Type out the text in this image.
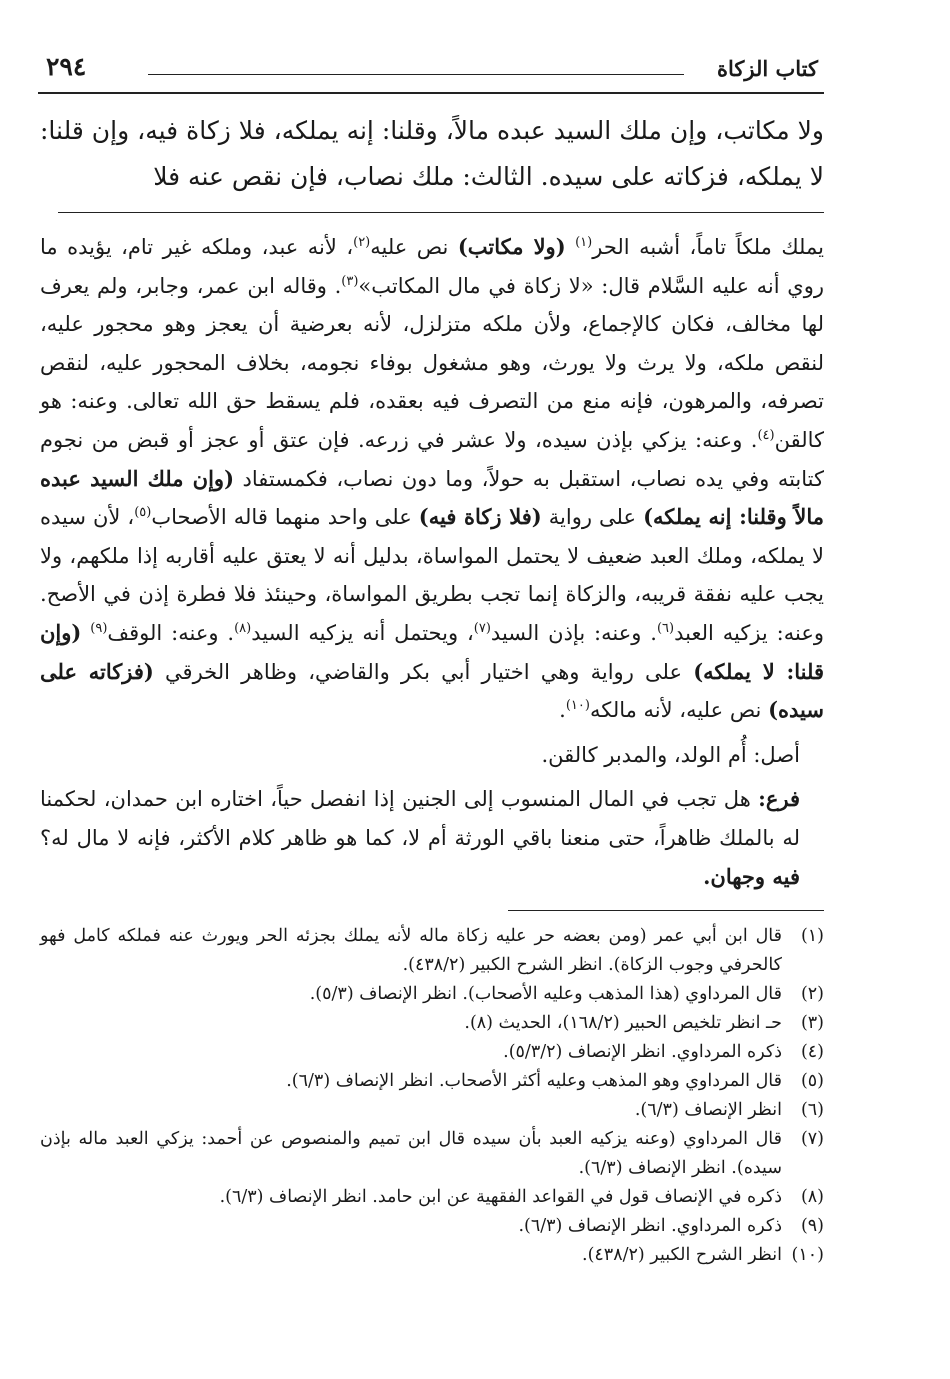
كتاب الزكاة
٢٩٤
ولا مكاتب، وإن ملك السيد عبده مالاً، وقلنا: إنه يملكه، فلا زكاة فيه، وإن قلنا: لا يملكه، فزكاته على سيده. الثالث: ملك نصاب، فإن نقص عنه فلا

يملك ملكاً تاماً، أشبه الحر$^{(١)}$ (ولا مكاتب) نص عليه$^{(٢)}$، لأنه عبد، وملكه غير تام، يؤيده ما روي أنه عليه السَّلام قال: «لا زكاة في مال المكاتب»$^{(٣)}$. وقاله ابن عمر، وجابر، ولم يعرف لها مخالف، فكان كالإجماع، ولأن ملكه متزلزل، لأنه بعرضية أن يعجز وهو محجور عليه، لنقص ملكه، ولا يرث ولا يورث، وهو مشغول بوفاء نجومه، بخلاف المحجور عليه، لنقص تصرفه، والمرهون، فإنه منع من التصرف فيه بعقده، فلم يسقط حق الله تعالى. وعنه: هو كالقن$^{(٤)}$. وعنه: يزكي بإذن سيده، ولا عشر في زرعه. فإن عتق أو عجز أو قبض من نجوم كتابته وفي يده نصاب، استقبل به حولاً، وما دون نصاب، فكمستفاد (وإن ملك السيد عبده مالاً وقلنا: إنه يملكه) على رواية (فلا زكاة فيه) على واحد منهما قاله الأصحاب$^{(٥)}$، لأن سيده لا يملكه، وملك العبد ضعيف لا يحتمل المواساة، بدليل أنه لا يعتق عليه أقاربه إذا ملكهم، ولا يجب عليه نفقة قريبه، والزكاة إنما تجب بطريق المواساة، وحينئذ فلا فطرة إذن في الأصح. وعنه: يزكيه العبد$^{(٦)}$. وعنه: بإذن السيد$^{(٧)}$، ويحتمل أنه يزكيه السيد$^{(٨)}$. وعنه: الوقف$^{(٩)}$ (وإن قلنا: لا يملكه) على رواية وهي اختيار أبي بكر والقاضي، وظاهر الخرقي (فزكاته على سيده) نص عليه، لأنه مالكه$^{(١٠)}$.

أصل: أُم الولد، والمدبر كالقن.

فرع: هل تجب في المال المنسوب إلى الجنين إذا انفصل حياً، اختاره ابن حمدان، لحكمنا له بالملك ظاهراً، حتى منعنا باقي الورثة أم لا، كما هو ظاهر كلام الأكثر، فإنه لا مال له؟ فيه وجهان.

(١)
قال ابن أبي عمر (ومن بعضه حر عليه زكاة ماله لأنه يملك بجزئه الحر ويورث عنه فملكه كامل فهو كالحرفي وجوب الزكاة). انظر الشرح الكبير (٤٣٨/٢).
(٢)
قال المرداوي (هذا المذهب وعليه الأصحاب). انظر الإنصاف (٥/٣).
(٣)
حـ انظر تلخيص الحبير (١٦٨/٢)، الحديث (٨).
(٤)
ذكره المرداوي. انظر الإنصاف (٥/٣/٢).
(٥)
قال المرداوي وهو المذهب وعليه أكثر الأصحاب. انظر الإنصاف (٦/٣).
(٦)
انظر الإنصاف (٦/٣).
(٧)
قال المرداوي (وعنه يزكيه العبد بأن سيده قال ابن تميم والمنصوص عن أحمد: يزكي العبد ماله بإذن سيده). انظر الإنصاف (٦/٣).
(٨)
ذكره في الإنصاف قول في القواعد الفقهية عن ابن حامد. انظر الإنصاف (٦/٣).
(٩)
ذكره المرداوي. انظر الإنصاف (٦/٣).
(١٠)
انظر الشرح الكبير (٤٣٨/٢).
